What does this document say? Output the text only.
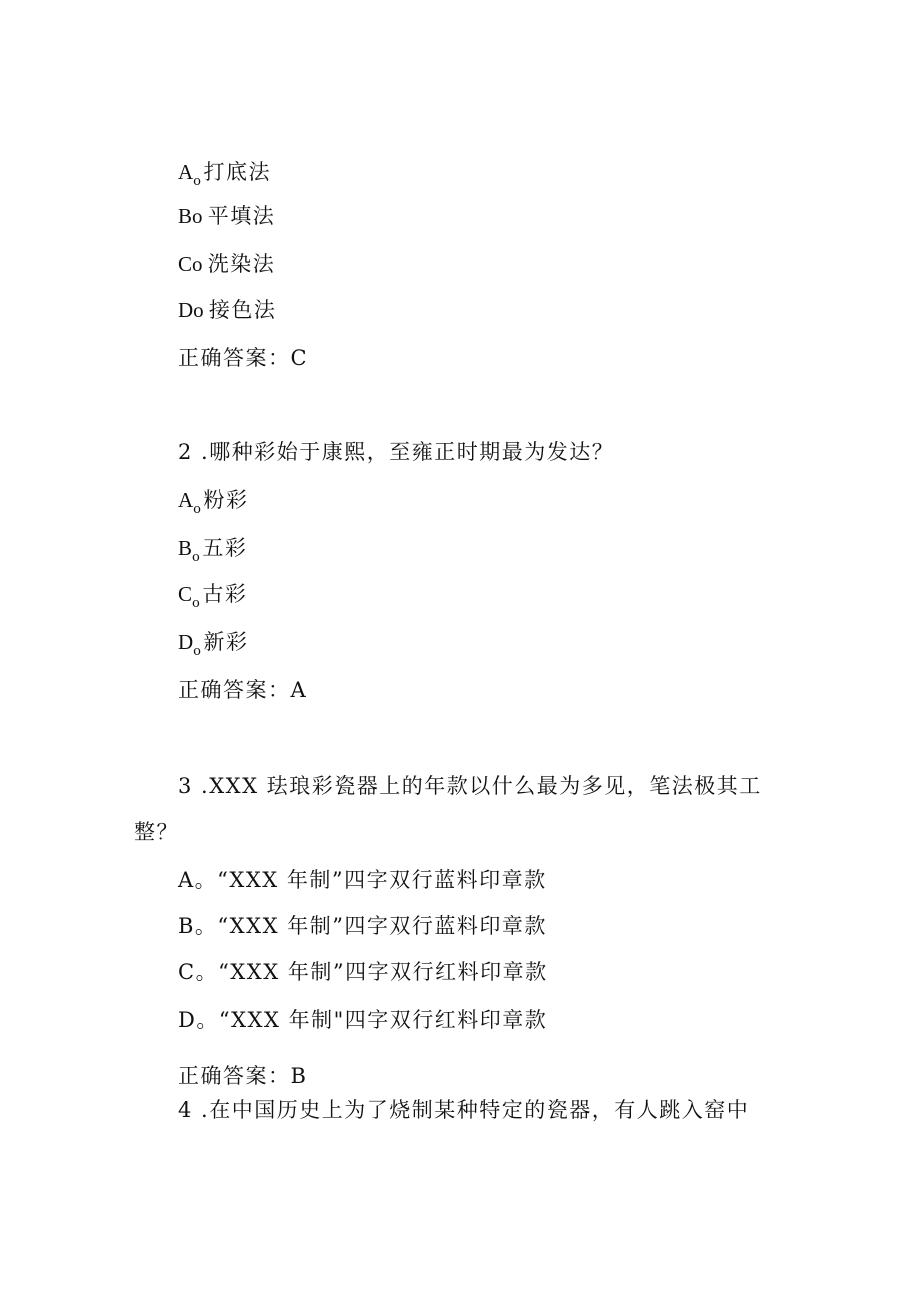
$A_o$打底法
Bo 平填法
Co 洗染法
Do 接色法
正确答案：C
2 .哪种彩始于康熙，至雍正时期最为发达？
$A_o$粉彩
$B_o$五彩
$C_o$古彩
$D_o$新彩
正确答案：A
3 .XXX 珐琅彩瓷器上的年款以什么最为多见，笔法极其工
整？
A。“XXX 年制”四字双行蓝料印章款
B。“XXX 年制”四字双行蓝料印章款
C。“XXX 年制”四字双行红料印章款
D。“XXX 年制"四字双行红料印章款
正确答案：B
4 .在中国历史上为了烧制某种特定的瓷器，有人跳入窑中
